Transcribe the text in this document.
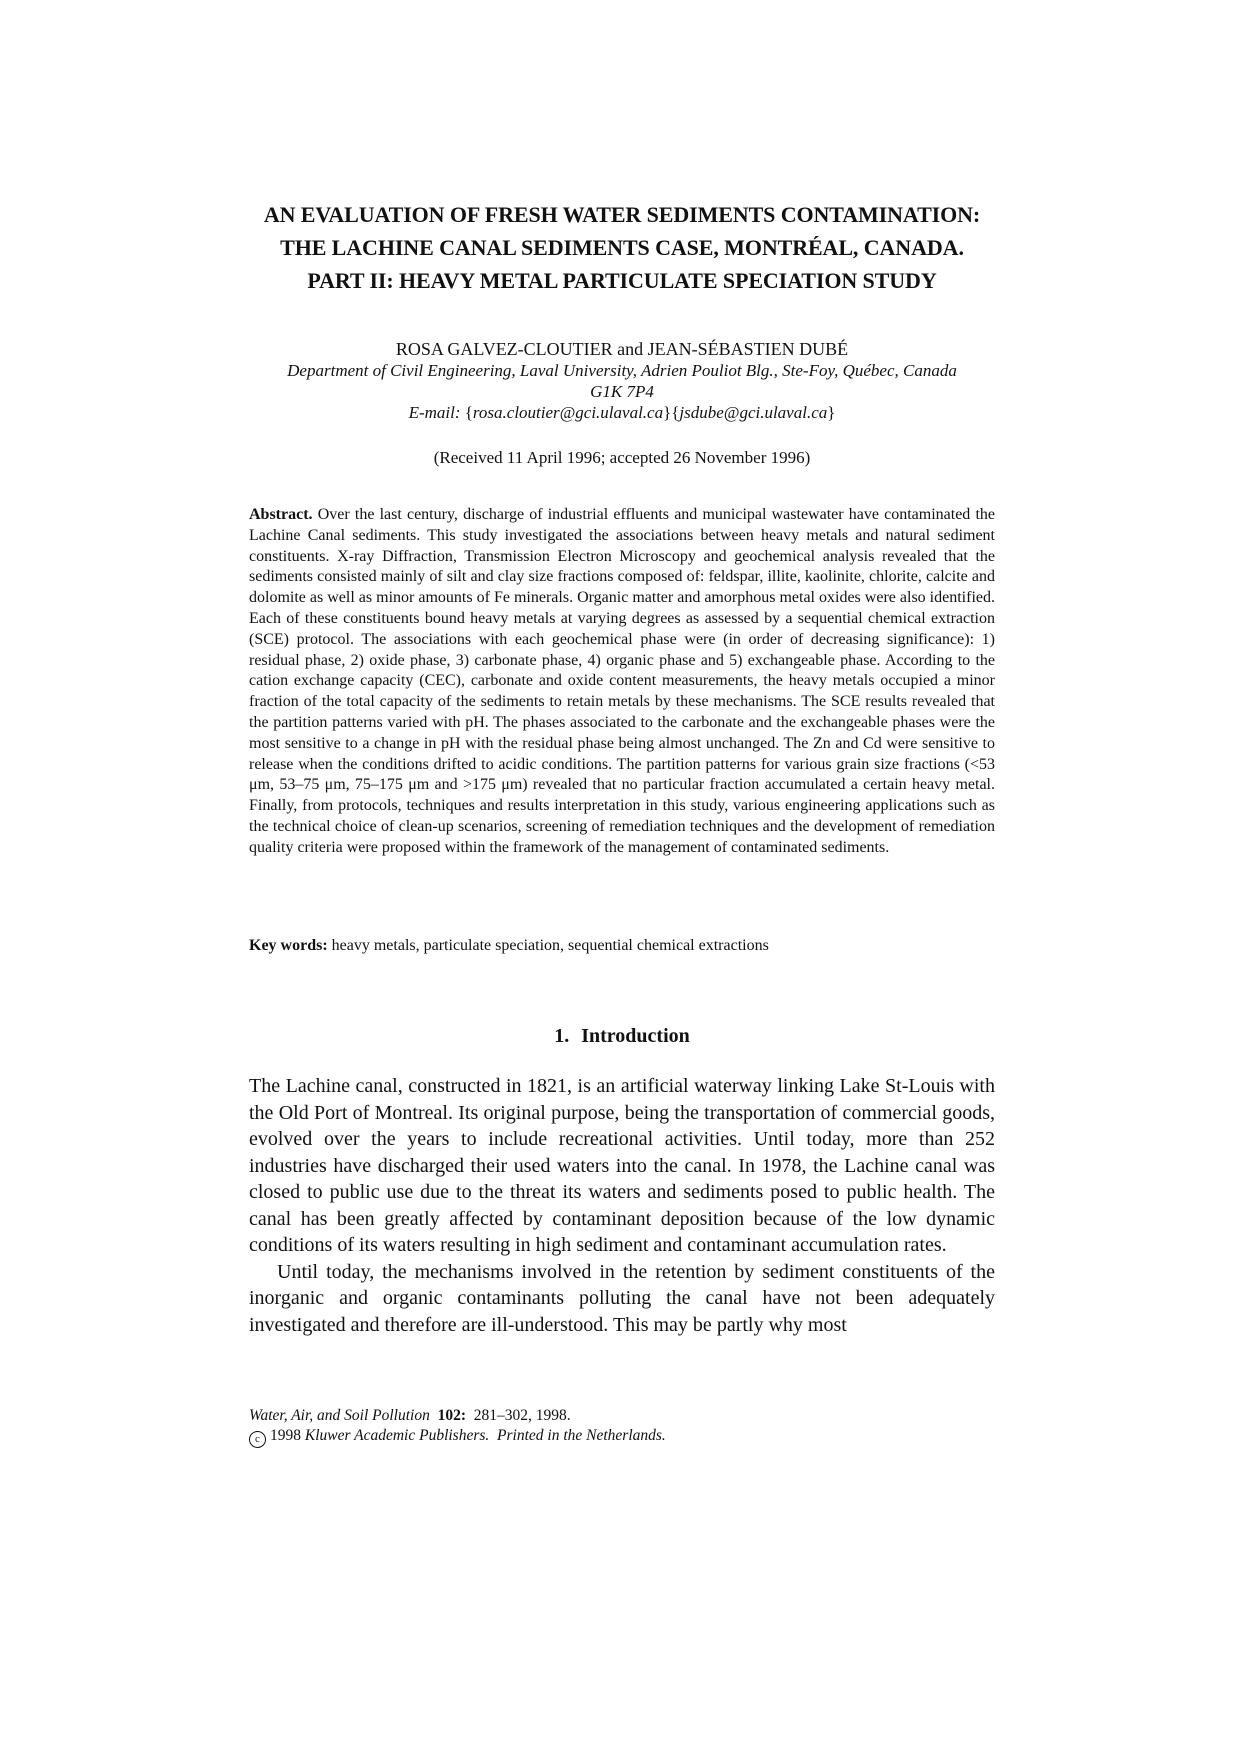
AN EVALUATION OF FRESH WATER SEDIMENTS CONTAMINATION:
THE LACHINE CANAL SEDIMENTS CASE, MONTRÉAL, CANADA.
PART II: HEAVY METAL PARTICULATE SPECIATION STUDY
ROSA GALVEZ-CLOUTIER and JEAN-SÉBASTIEN DUBÉ
Department of Civil Engineering, Laval University, Adrien Pouliot Blg., Ste-Foy, Québec, Canada
G1K 7P4
E-mail: {rosa.cloutier@gci.ulaval.ca}{jsdube@gci.ulaval.ca}
(Received 11 April 1996; accepted 26 November 1996)
Abstract. Over the last century, discharge of industrial effluents and municipal wastewater have contaminated the Lachine Canal sediments. This study investigated the associations between heavy metals and natural sediment constituents. X-ray Diffraction, Transmission Electron Microscopy and geochemical analysis revealed that the sediments consisted mainly of silt and clay size fractions composed of: feldspar, illite, kaolinite, chlorite, calcite and dolomite as well as minor amounts of Fe minerals. Organic matter and amorphous metal oxides were also identified. Each of these constituents bound heavy metals at varying degrees as assessed by a sequential chemical extraction (SCE) protocol. The associations with each geochemical phase were (in order of decreasing significance): 1) residual phase, 2) oxide phase, 3) carbonate phase, 4) organic phase and 5) exchangeable phase. According to the cation exchange capacity (CEC), carbonate and oxide content measurements, the heavy metals occupied a minor fraction of the total capacity of the sediments to retain metals by these mechanisms. The SCE results revealed that the partition patterns varied with pH. The phases associated to the carbonate and the exchangeable phases were the most sensitive to a change in pH with the residual phase being almost unchanged. The Zn and Cd were sensitive to release when the conditions drifted to acidic conditions. The partition patterns for various grain size fractions (<53 μm, 53–75 μm, 75–175 μm and >175 μm) revealed that no particular fraction accumulated a certain heavy metal. Finally, from protocols, techniques and results interpretation in this study, various engineering applications such as the technical choice of clean-up scenarios, screening of remediation techniques and the development of remediation quality criteria were proposed within the framework of the management of contaminated sediments.
Key words: heavy metals, particulate speciation, sequential chemical extractions
1. Introduction

The Lachine canal, constructed in 1821, is an artificial waterway linking Lake St-Louis with the Old Port of Montreal. Its original purpose, being the transportation of commercial goods, evolved over the years to include recreational activities. Until today, more than 252 industries have discharged their used waters into the canal. In 1978, the Lachine canal was closed to public use due to the threat its waters and sediments posed to public health. The canal has been greatly affected by contaminant deposition because of the low dynamic conditions of its waters resulting in high sediment and contaminant accumulation rates.

Until today, the mechanisms involved in the retention by sediment constituents of the inorganic and organic contaminants polluting the canal have not been adequately investigated and therefore are ill-understood. This may be partly why most

Water, Air, and Soil Pollution 102: 281–302, 1998.
c 1998 Kluwer Academic Publishers. Printed in the Netherlands.
